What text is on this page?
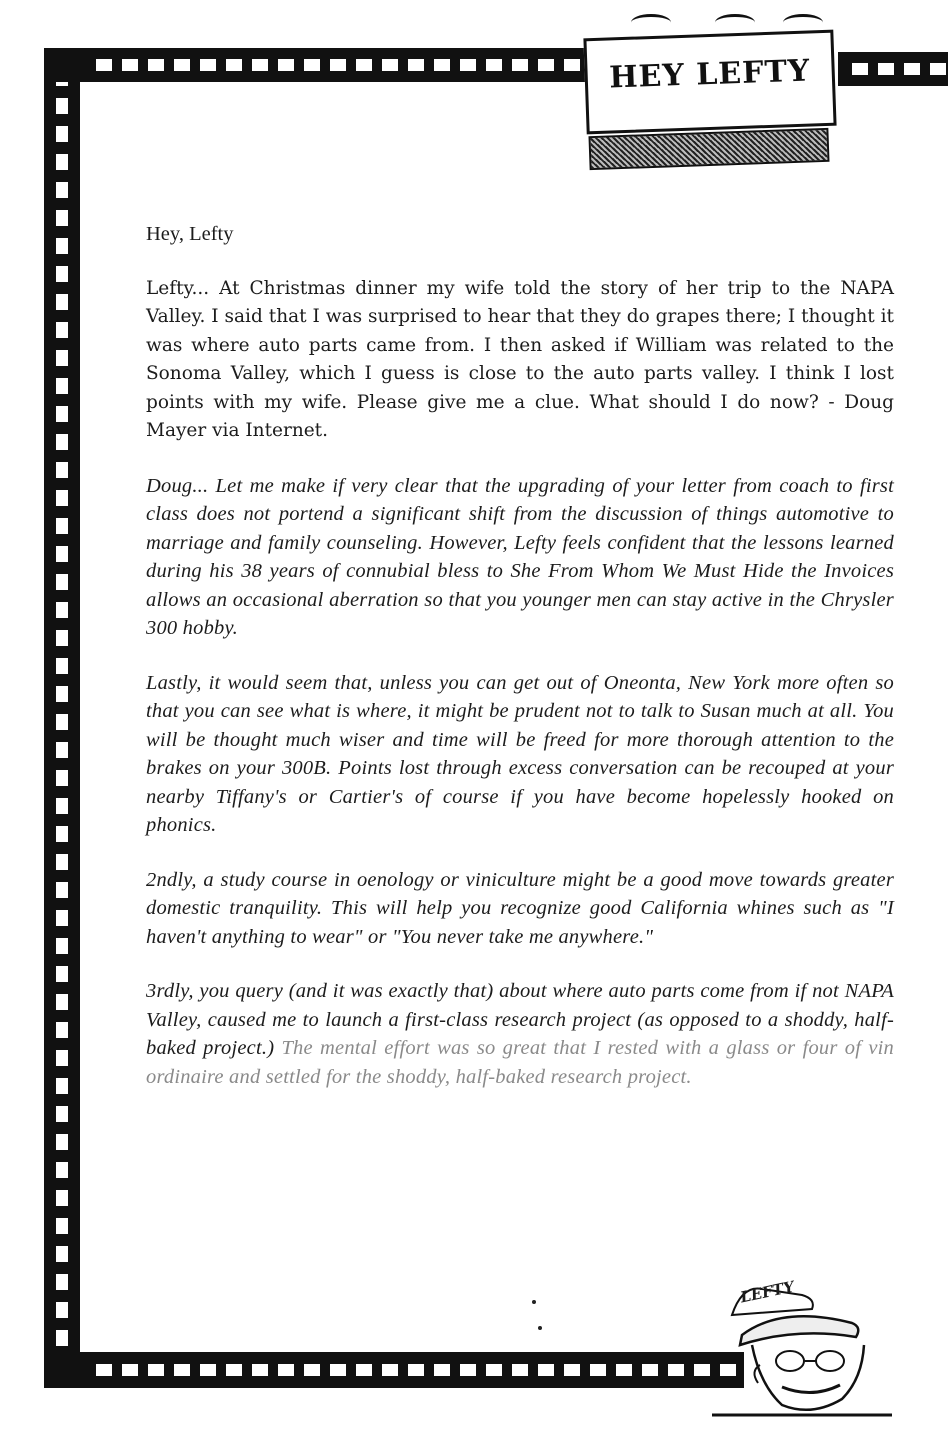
HEY LEFTY

Hey, Lefty

Lefty... At Christmas dinner my wife told the story of her trip to the NAPA Valley. I said that I was surprised to hear that they do grapes there; I thought it was where auto parts came from. I then asked if William was related to the Sonoma Valley, which I guess is close to the auto parts valley. I think I lost points with my wife. Please give me a clue. What should I do now? - Doug Mayer via Internet.

Doug... Let me make if very clear that the upgrading of your letter from coach to first class does not portend a significant shift from the discussion of things automotive to marriage and family counseling. However, Lefty feels confident that the lessons learned during his 38 years of connubial bless to She From Whom We Must Hide the Invoices allows an occasional aberration so that you younger men can stay active in the Chrysler 300 hobby.

Lastly, it would seem that, unless you can get out of Oneonta, New York more often so that you can see what is where, it might be prudent not to talk to Susan much at all. You will be thought much wiser and time will be freed for more thorough attention to the brakes on your 300B. Points lost through excess conversation can be recouped at your nearby Tiffany's or Cartier's of course if you have become hopelessly hooked on phonics.

2ndly, a study course in oenology or viniculture might be a good move towards greater domestic tranquility. This will help you recognize good California whines such as "I haven't anything to wear" or "You never take me anywhere."

3rdly, you query (and it was exactly that) about where auto parts come from if not NAPA Valley, caused me to launch a first-class research project (as opposed to a shoddy, half-baked project.) The mental effort was so great that I rested with a glass or four of vin ordinaire and settled for the shoddy, half-baked research project.

LEFTY
